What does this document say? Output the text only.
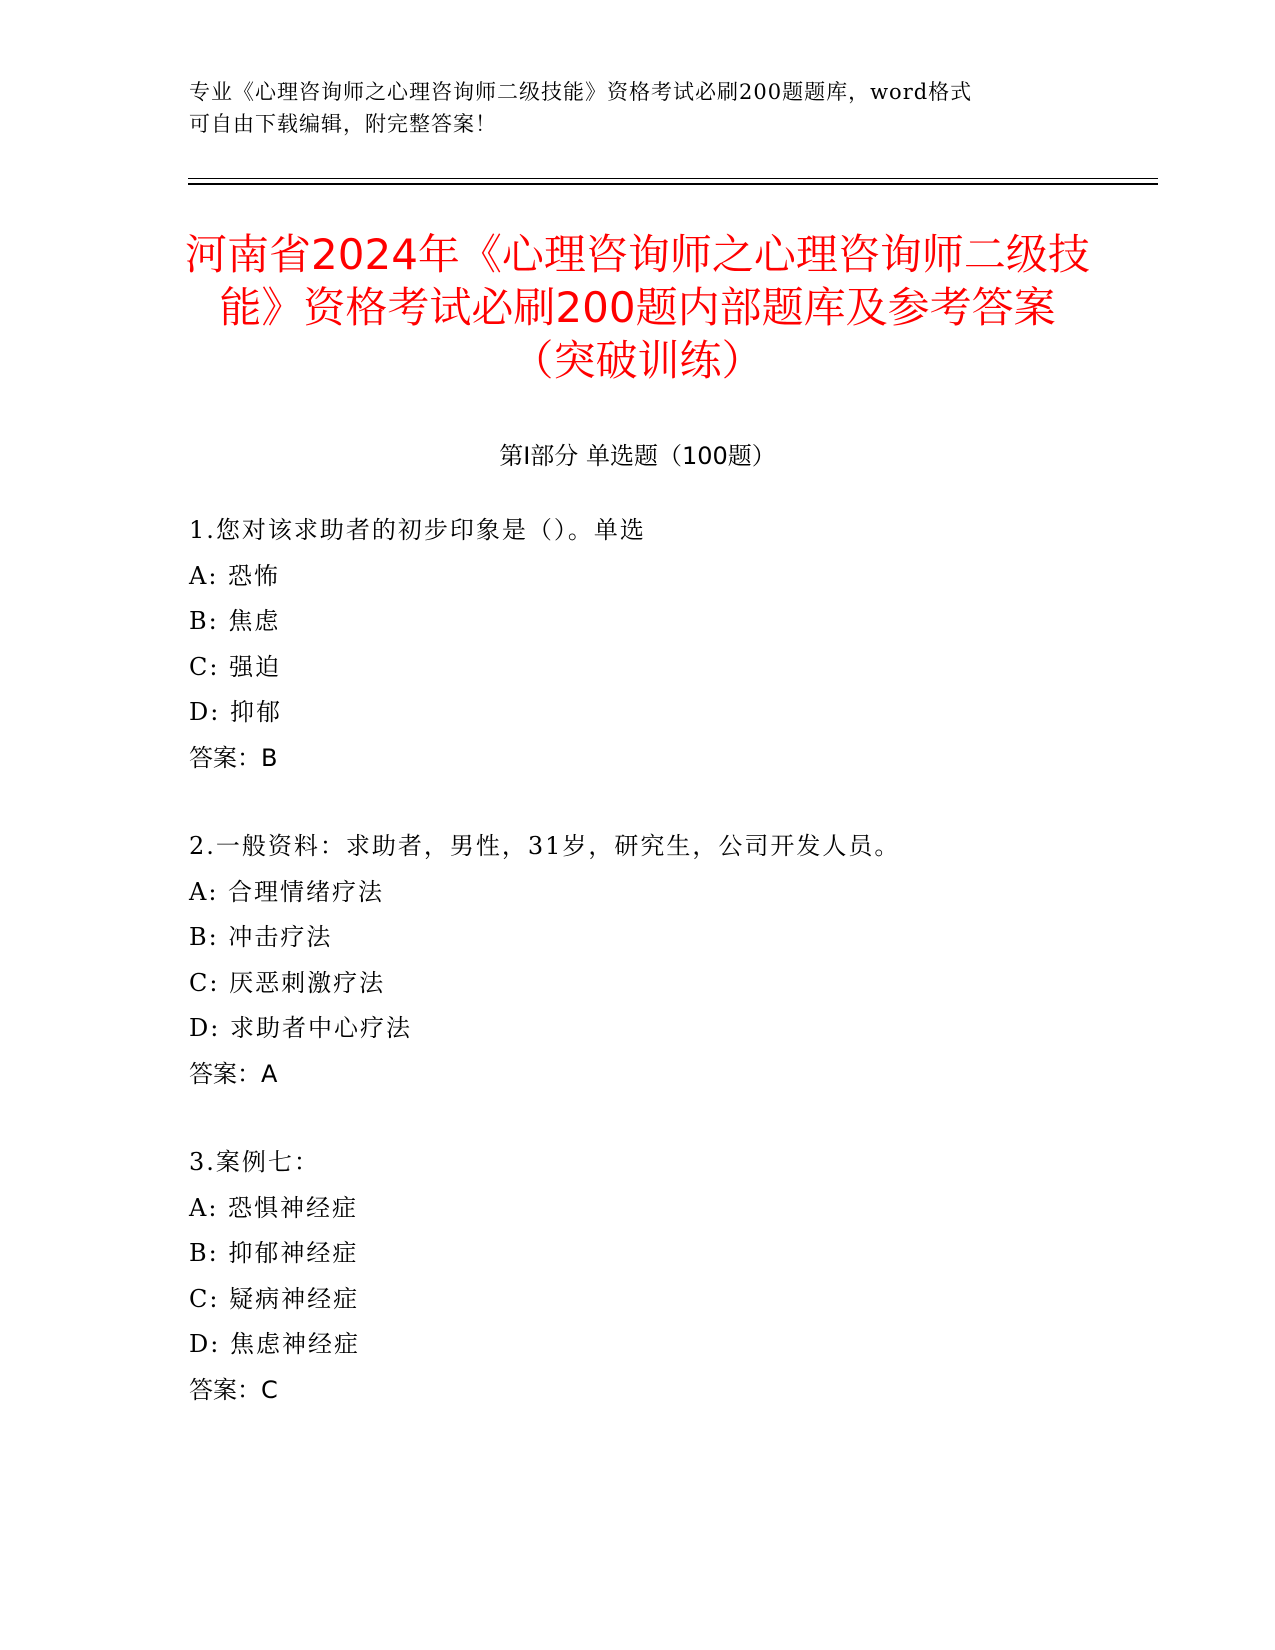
专业《心理咨询师之心理咨询师二级技能》资格考试必刷200题题库，word格式
可自由下载编辑，附完整答案！
河南省2024年《心理咨询师之心理咨询师二级技能》资格考试必刷200题内部题库及参考答案（突破训练）
第I部分 单选题（100题）
1.您对该求助者的初步印象是（）。单选
A: 恐怖
B: 焦虑
C: 强迫
D: 抑郁
答案：B
2.一般资料：求助者，男性，31岁，研究生，公司开发人员。
A: 合理情绪疗法
B: 冲击疗法
C: 厌恶刺激疗法
D: 求助者中心疗法
答案：A
3.案例七：
A: 恐惧神经症
B: 抑郁神经症
C: 疑病神经症
D: 焦虑神经症
答案：C
